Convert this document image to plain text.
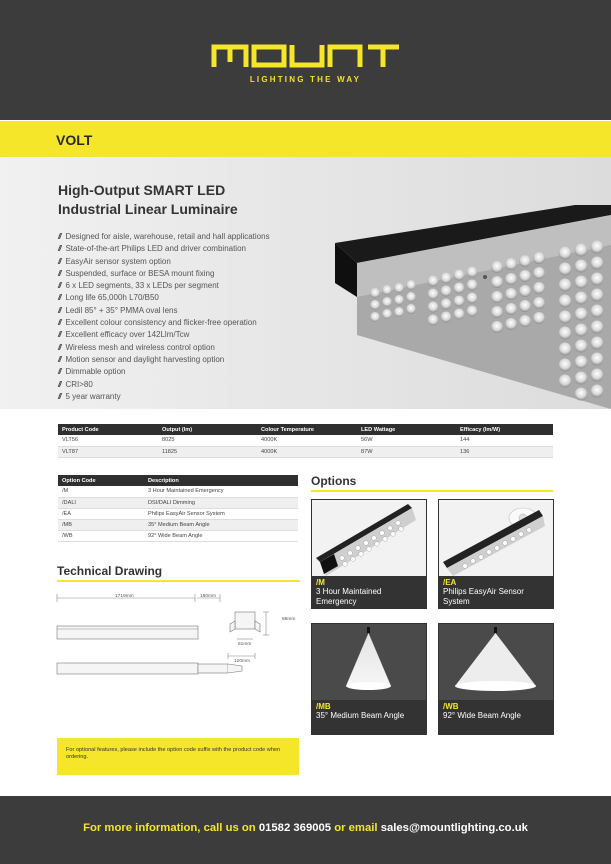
LIGHTING THE WAY
VOLT
High-Output SMART LED
Industrial Linear Luminaire
// Designed for aisle, warehouse, retail and hall applications
// State-of-the-art Philips LED and driver combination
// EasyAir sensor system option
// Suspended, surface or BESA mount fixing
// 6 x LED segments, 33 x LEDs per segment
// Long life 65,000h L70/B50
// Ledil 85° + 35° PMMA oval lens
// Excellent colour consistency and flicker-free operation
// Excellent efficacy over 142Llm/Tcw
// Wireless mesh and wireless control option
// Motion sensor and daylight harvesting option
// Dimmable option
// CRI>80
// 5 year warranty
Product Code	Output (lm)	Colour Temperature	LED Wattage	Efficacy (lm/W)
VLT56	8025	4000K	56W	144
VLT87	11825	4000K	87W	136
Option Code	Description
/M	3 Hour Maintained Emergency
/DALI	DSI/DALI Dimming
/EA	Philips EasyAir Sensor System
/MB	35° Medium Beam Angle
/WB	92° Wide Beam Angle
Technical Drawing
1719mm	180mm
68mm
61mm
120mm
Options
/M
3 Hour Maintained Emergency
/EA
Philips EasyAir Sensor System
/MB
35° Medium Beam Angle
/WB
92° Wide Beam Angle
For optional features, please include the option code suffix with the product code when ordering.
For more information, call us on 01582 369005 or email sales@mountlighting.co.uk
